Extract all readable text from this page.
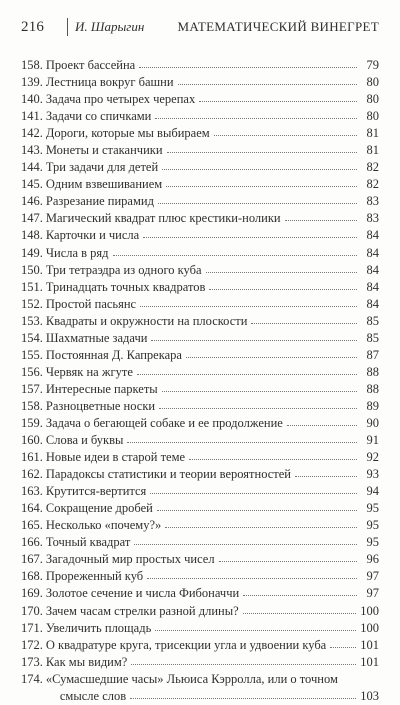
216	И. Шарыгин	МАТЕМАТИЧЕСКИЙ ВИНЕГРЕТ
158. Проект бассейна	79
139. Лестница вокруг башни	80
140. Задача про четырех черепах	80
141. Задачи со спичками	80
142. Дороги, которые мы выбираем	81
143. Монеты и стаканчики	81
144. Три задачи для детей	82
145. Одним взвешиванием	82
146. Разрезание пирамид	83
147. Магический квадрат плюс крестики-нолики	83
148. Карточки и числа	84
149. Числа в ряд	84
150. Три тетраэдра из одного куба	84
151. Тринадцать точных квадратов	84
152. Простой пасьянс	84
153. Квадраты и окружности на плоскости	85
154. Шахматные задачи	85
155. Постоянная Д. Капрекара	87
156. Червяк на жгуте	88
157. Интересные паркеты	88
158. Разноцветные носки	89
159. Задача о бегающей собаке и ее продолжение	90
160. Слова и буквы	91
161. Новые идеи в старой теме	92
162. Парадоксы статистики и теории вероятностей	93
163. Крутится-вертится	94
164. Сокращение дробей	95
165. Несколько «почему?»	95
166. Точный квадрат	95
167. Загадочный мир простых чисел	96
168. Прореженный куб	97
169. Золотое сечение и числа Фибоначчи	97
170. Зачем часам стрелки разной длины?	100
171. Увеличить площадь	100
172. О квадратуре круга, трисекции угла и удвоении куба	101
173. Как мы видим?	101
174. «Сумасшедшие часы» Льюиса Кэрролла, или о точном
смысле слов	103
